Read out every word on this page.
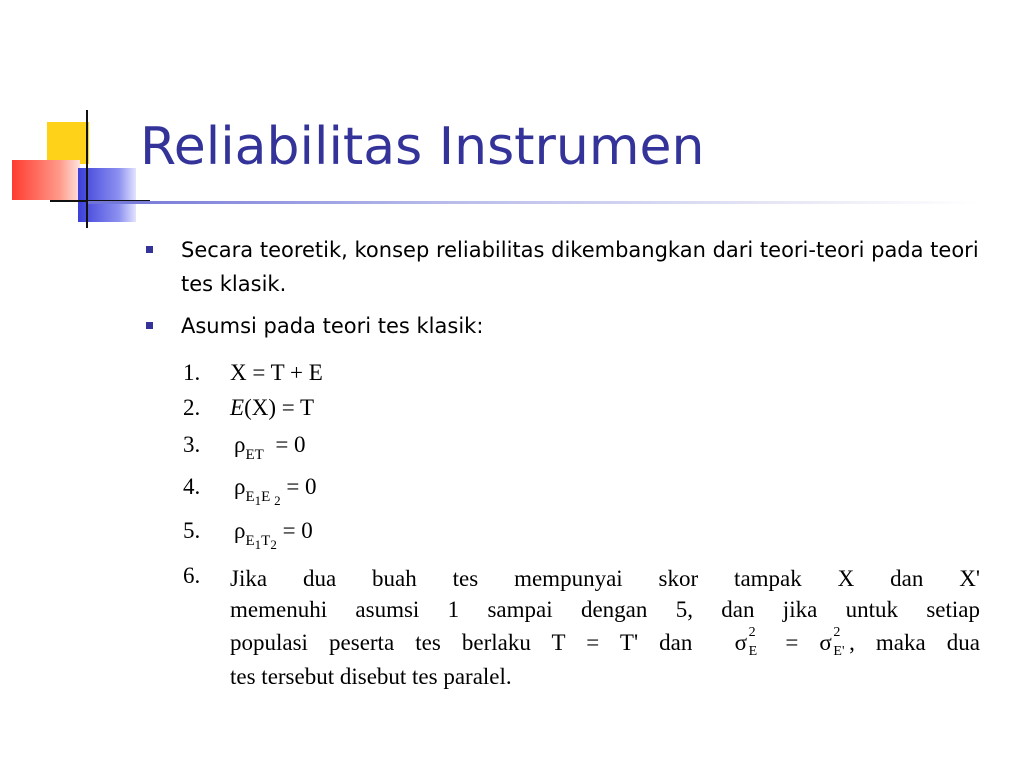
Reliabilitas Instrumen
Secara teoretik, konsep reliabilitas dikembangkan dari teori-teori pada teori tes klasik.
Asumsi pada teori tes klasik:
1.	X = T + E
2.	E(X) = T
3.	$\rho_{ET} = 0$
4.	$\rho_{E1E 2} = 0$
5.	$\rho_{E1T2} = 0$
6.	Jika dua buah tes mempunyai skor tampak X dan X'
memenuhi asumsi 1 sampai dengan 5, dan jika untuk setiap
populasi peserta tes berlaku T = T' dan σ 2
E = σ 2
E' , maka dua
tes tersebut disebut tes paralel.
